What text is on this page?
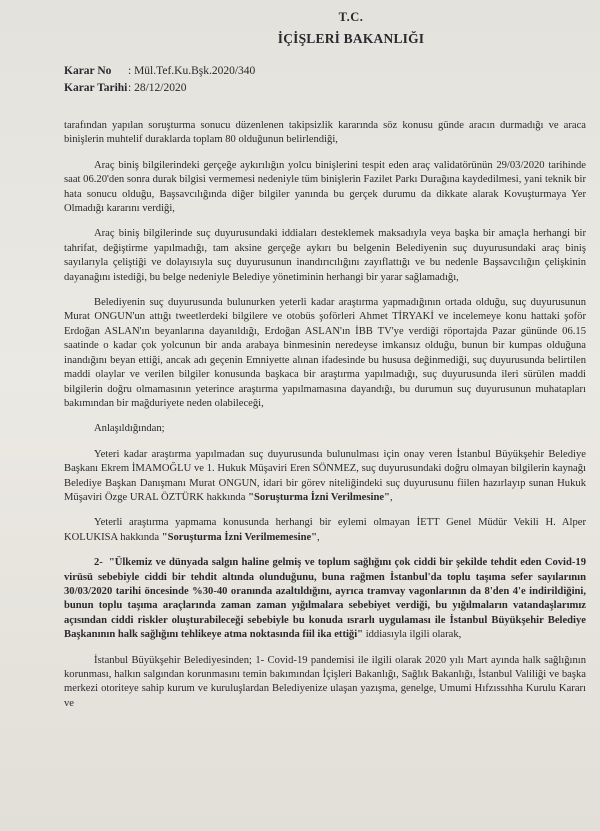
T.C.
İÇİŞLERİ BAKANLIĞI
Karar No	: Mül.Tef.Ku.Bşk.2020/340
Karar Tarihi : 28/12/2020

tarafından yapılan soruşturma sonucu düzenlenen takipsizlik kararında söz konusu günde aracın durmadığı ve araca binişlerin muhtelif duraklarda toplam 80 olduğunun belirlendiği,

Araç biniş bilgilerindeki gerçeğe aykırılığın yolcu binişlerini tespit eden araç validatörünün 29/03/2020 tarihinde saat 06.20'den sonra durak bilgisi vermemesi nedeniyle tüm binişlerin Fazilet Parkı Durağına kaydedilmesi, yani teknik bir hata sonucu olduğu, Başsavcılığında diğer bilgiler yanında bu gerçek durumu da dikkate alarak Kovuşturmaya Yer Olmadığı kararını verdiği,

Araç biniş bilgilerinde suç duyurusundaki iddiaları desteklemek maksadıyla veya başka bir amaçla herhangi bir tahrifat, değiştirme yapılmadığı, tam aksine gerçeğe aykırı bu belgenin Belediyenin suç duyurusundaki araç biniş sayılarıyla çeliştiği ve dolayısıyla suç duyurusunun inandırıcılığını zayıflattığı ve bu nedenle Başsavcılığın çelişkinin dayanağını istediği, bu belge nedeniyle Belediye yönetiminin herhangi bir yarar sağlamadığı,

Belediyenin suç duyurusunda bulunurken yeterli kadar araştırma yapmadığının ortada olduğu, suç duyurusunun Murat ONGUN'un attığı tweetlerdeki bilgilere ve otobüs şoförleri Ahmet TİRYAKİ ve incelemeye konu hattaki şoför Erdoğan ASLAN'ın beyanlarına dayanıldığı, Erdoğan ASLAN'ın İBB TV'ye verdiği röportajda Pazar gününde 06.15 saatinde o kadar çok yolcunun bir anda arabaya binmesinin neredeyse imkansız olduğu, bunun bir kumpas olduğuna inandığını beyan ettiği, ancak adı geçenin Emniyette alınan ifadesinde bu hususa değinmediği, suç duyurusunda belirtilen maddi olaylar ve verilen bilgiler konusunda başkaca bir araştırma yapılmadığı, suç duyurusunda ileri sürülen maddi bilgilerin doğru olmamasının yeterince araştırma yapılmamasına dayandığı, bu durumun suç duyurusunun muhatapları bakımından bir mağduriyete neden olabileceği,

Anlaşıldığından;

Yeteri kadar araştırma yapılmadan suç duyurusunda bulunulması için onay veren İstanbul Büyükşehir Belediye Başkanı Ekrem İMAMOĞLU ve 1. Hukuk Müşaviri Eren SÖNMEZ, suç duyurusundaki doğru olmayan bilgilerin kaynağı Belediye Başkan Danışmanı Murat ONGUN, idari bir görev niteliğindeki suç duyurusunu fiilen hazırlayıp sunan Hukuk Müşaviri Özge URAL ÖZTÜRK hakkında "Soruşturma İzni Verilmesine",

Yeterli araştırma yapmama konusunda herhangi bir eylemi olmayan İETT Genel Müdür Vekili H. Alper KOLUKISA hakkında "Soruşturma İzni Verilmemesine",

2- "Ülkemiz ve dünyada salgın haline gelmiş ve toplum sağlığını çok ciddi bir şekilde tehdit eden Covid-19 virüsü sebebiyle ciddi bir tehdit altında olunduğunu, buna rağmen İstanbul'da toplu taşıma sefer sayılarının 30/03/2020 tarihi öncesinde %30-40 oranında azaltıldığını, ayrıca tramvay vagonlarının da 8'den 4'e indirildiğini, bunun toplu taşıma araçlarında zaman zaman yığılmalara sebebiyet verdiği, bu yığılmaların vatandaşlarımız açısından ciddi riskler oluşturabileceği sebebiyle bu konuda ısrarlı uygulaması ile İstanbul Büyükşehir Belediye Başkanının halk sağlığını tehlikeye atma noktasında fiil ika ettiği" iddiasıyla ilgili olarak,

İstanbul Büyükşehir Belediyesinden; 1- Covid-19 pandemisi ile ilgili olarak 2020 yılı Mart ayında halk sağlığının korunması, halkın salgından korunmasını temin bakımından İçişleri Bakanlığı, Sağlık Bakanlığı, İstanbul Valiliği ve başka merkezi otoriteye sahip kurum ve kuruluşlardan Belediyenize ulaşan yazışma, genelge, Umumi Hıfzıssıhha Kurulu Kararı ve
